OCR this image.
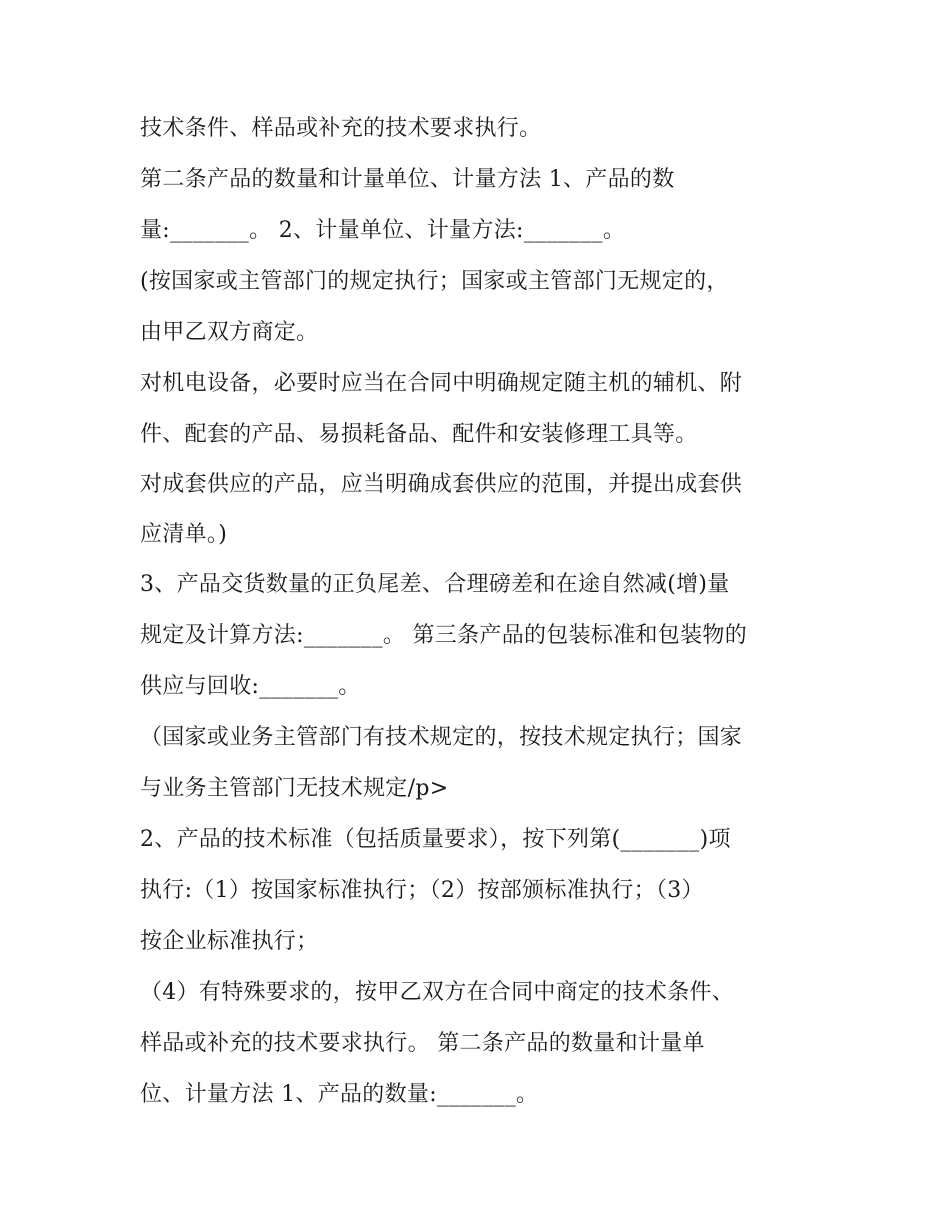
技术条件、样品或补充的技术要求执行。
第二条产品的数量和计量单位、计量方法 1、产品的数
量:_______。 2、计量单位、计量方法:_______。
(按国家或主管部门的规定执行；国家或主管部门无规定的，
由甲乙双方商定。
对机电设备，必要时应当在合同中明确规定随主机的辅机、附
件、配套的产品、易损耗备品、配件和安装修理工具等。
对成套供应的产品，应当明确成套供应的范围，并提出成套供
应清单。)
3、产品交货数量的正负尾差、合理磅差和在途自然减(增)量
规定及计算方法:_______。 第三条产品的包装标准和包装物的
供应与回收:_______。
（国家或业务主管部门有技术规定的，按技术规定执行；国家
与业务主管部门无技术规定/p>
2、产品的技术标准（包括质量要求），按下列第(_______)项
执行:（1）按国家标准执行；（2）按部颁标准执行；（3）
按企业标准执行；
（4）有特殊要求的，按甲乙双方在合同中商定的技术条件、
样品或补充的技术要求执行。 第二条产品的数量和计量单
位、计量方法 1、产品的数量:_______。
